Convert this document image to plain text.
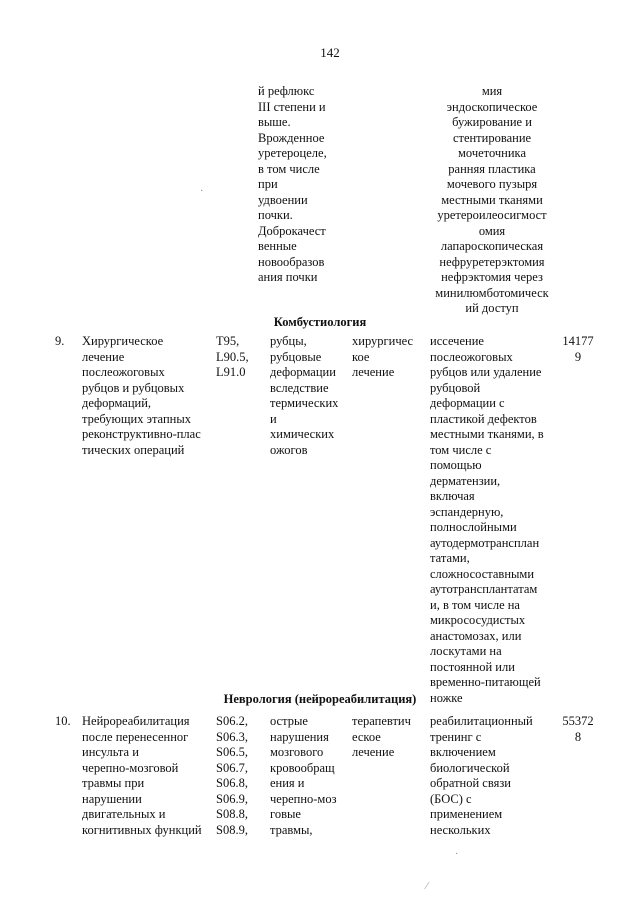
142
й рефлюкс
III степени и
выше.
Врожденное
уретероцеле,
в том числе
при
удвоении
почки.
Доброкачест
венные
новообразов
ания почки
мия
эндоскопическое
бужирование и
стентирование
мочеточника
ранняя пластика
мочевого пузыря
местными тканями
уретероилеосигмост
омия
лапароскопическая
нефруретерэктомия
нефрэктомия через
минилюмботомическ
ий доступ
Комбустиология
9. Хирургическое
лечение
послеожоговых
рубцов и рубцовых
деформаций,
требующих этапных
реконструктивно-плас
тических операций
T95,
L90.5,
L91.0
рубцы,
рубцовые
деформации
вследствие
термических
и
химических
ожогов
хирургичес
кое
лечение
иссечение
послеожоговых
рубцов или удаление
рубцовой
деформации с
пластикой дефектов
местными тканями, в
том числе с
помощью
дерматензии,
включая
эспандерную,
полнослойными
аутодермотрансплан
татами,
сложносоставными
аутотрансплантатам
и, в том числе на
микрососудистых
анастомозах, или
лоскутами на
постоянной или
временно-питающей
ножке
14177
9
Неврология (нейрореабилитация)
10. Нейрореабилитация
после перенесенног
инсульта и
черепно-мозговой
травмы при
нарушении
двигательных и
когнитивных функций
S06.2,
S06.3,
S06.5,
S06.7,
S06.8,
S06.9,
S08.8,
S08.9,
острые
нарушения
мозгового
кровообращ
ения и
черепно-моз
говые
травмы,
терапевтич
еское
лечение
реабилитационный
тренинг с
включением
биологической
обратной связи
(БОС) с
применением
нескольких
55372
8
·
·
⁄
